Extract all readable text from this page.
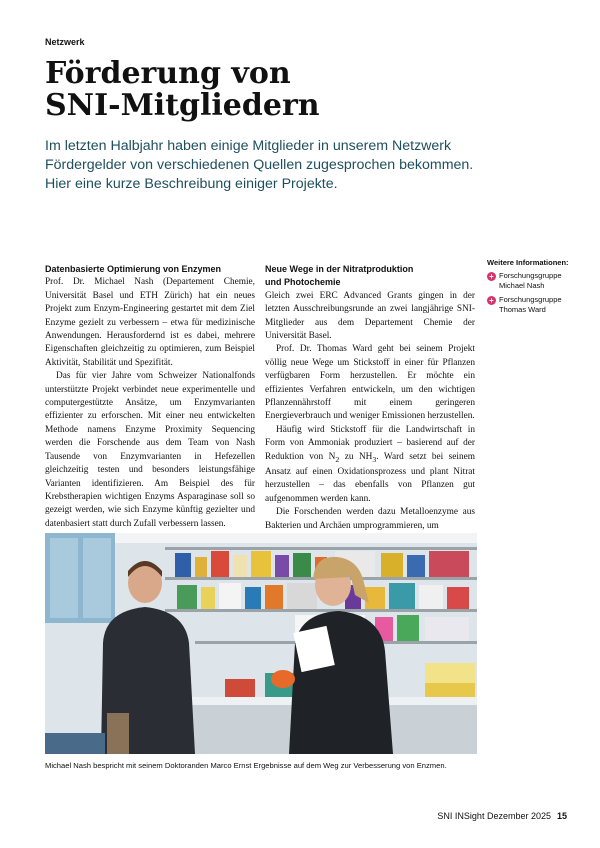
Netzwerk
Förderung von
SNI-Mitgliedern

Im letzten Halbjahr haben einige Mitglieder in unserem Netzwerk Fördergelder von verschiedenen Quellen zugesprochen bekommen. Hier eine kurze Beschreibung einiger Projekte.

Datenbasierte Optimierung von Enzymen

Prof. Dr. Michael Nash (Departement Chemie, Universität Basel und ETH Zürich) hat ein neues Projekt zum Enzym-Engineering gestartet mit dem Ziel Enzyme gezielt zu verbessern – etwa für medizinische Anwendungen. Herausfordernd ist es dabei, mehrere Eigenschaften gleichzeitig zu optimieren, zum Beispiel Aktivität, Stabilität und Spezifität.

Das für vier Jahre vom Schweizer Nationalfonds unterstützte Projekt verbindet neue experimentelle und computergestützte Ansätze, um Enzymvarianten effizienter zu erforschen. Mit einer neu entwickelten Methode namens Enzyme Proximity Sequencing werden die Forschende aus dem Team von Nash Tausende von Enzymvarianten in Hefezellen gleichzeitig testen und besonders leistungsfähige Varianten identifizieren. Am Beispiel des für Krebstherapien wichtigen Enzyms Asparaginase soll so gezeigt werden, wie sich Enzyme künftig gezielter und datenbasiert statt durch Zufall verbessern lassen.

Neue Wege in der Nitratproduktion
und Photochemie

Gleich zwei ERC Advanced Grants gingen in der letzten Ausschreibungsrunde an zwei langjährige SNI-Mitglieder aus dem Departement Chemie der Universität Basel.

Prof. Dr. Thomas Ward geht bei seinem Projekt völlig neue Wege um Stickstoff in einer für Pflanzen verfügbaren Form herzustellen. Er möchte ein effizientes Verfahren entwickeln, um den wichtigen Pflanzennährstoff mit einem geringeren Energieverbrauch und weniger Emissionen herzustellen.

Häufig wird Stickstoff für die Landwirtschaft in Form von Ammoniak produziert – basierend auf der Reduktion von $N_2$ zu $NH_3$. Ward setzt bei seinem Ansatz auf einen Oxidationsprozess und plant Nitrat herzustellen – das ebenfalls von Pflanzen gut aufgenommen werden kann.

Die Forschenden werden dazu Metalloenzyme aus Bakterien und Archäen umprogrammieren, um

Weitere Informationen:
+ Forschungsgruppe
Michael Nash
+ Forschungsgruppe
Thomas Ward
Michael Nash bespricht mit seinem Doktoranden Marco Ernst Ergebnisse auf dem Weg zur Verbesserung von Enzmen.
SNI INSight Dezember 2025 15
